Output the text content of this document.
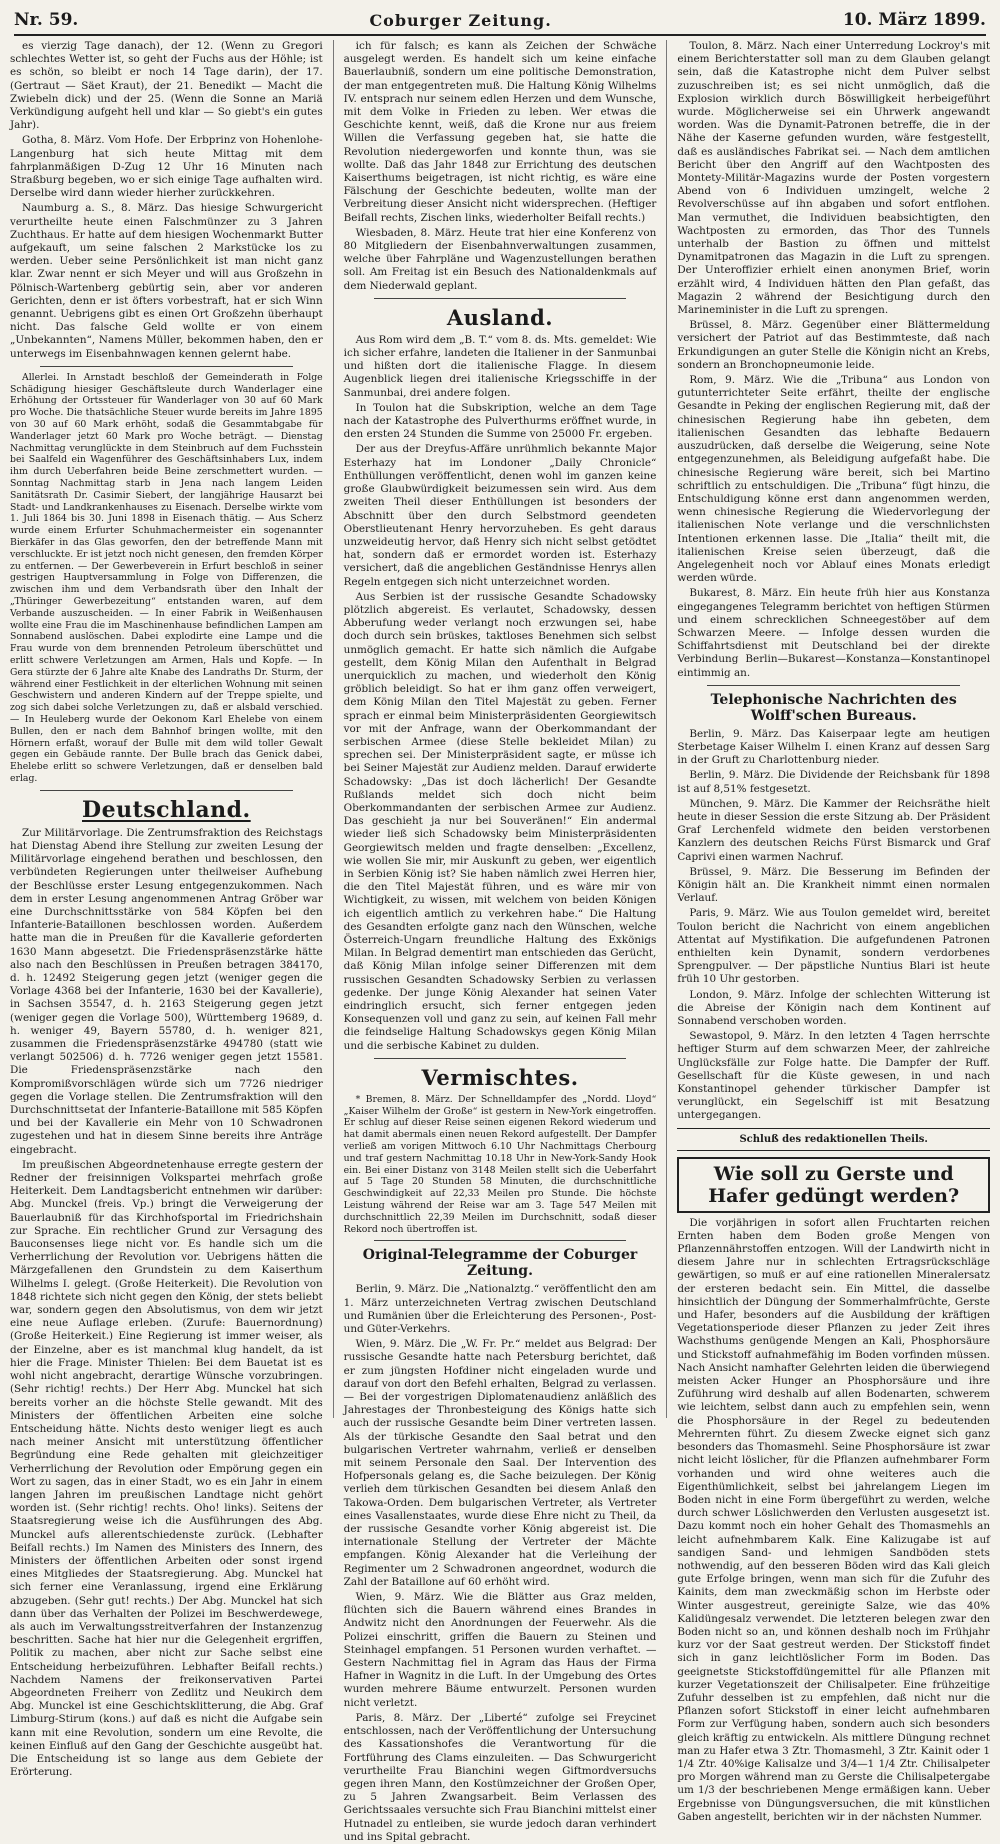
Nr. 59.	Coburger Zeitung.	10. März 1899.

es vierzig Tage danach), der 12. (Wenn zu Gregori schlechtes Wetter ist, so geht der Fuchs aus der Höhle; ist es schön, so bleibt er noch 14 Tage darin), der 17. (Gertraut — Säet Kraut), der 21. Benedikt — Macht die Zwiebeln dick) und der 25. (Wenn die Sonne an Mariä Verkündigung aufgeht hell und klar — So giebt's ein gutes Jahr).

Gotha, 8. März. Vom Hofe. Der Erbprinz von Hohenlohe-Langenburg hat sich heute Mittag mit dem fahrplanmäßigen D-Zug 12 Uhr 16 Minuten nach Straßburg begeben, wo er sich einige Tage aufhalten wird. Derselbe wird dann wieder hierher zurückkehren.

Naumburg a. S., 8. März. Das hiesige Schwurgericht verurtheilte heute einen Falschmünzer zu 3 Jahren Zuchthaus. Er hatte auf dem hiesigen Wochenmarkt Butter aufgekauft, um seine falschen 2 Markstücke los zu werden. Ueber seine Persönlichkeit ist man nicht ganz klar. Zwar nennt er sich Meyer und will aus Großzehn in Pölnisch-Wartenberg gebürtig sein, aber vor anderen Gerichten, denn er ist öfters vorbestraft, hat er sich Winn genannt. Uebrigens gibt es einen Ort Großzehn überhaupt nicht. Das falsche Geld wollte er von einem „Unbekannten“, Namens Müller, bekommen haben, den er unterwegs im Eisenbahnwagen kennen gelernt habe.

Allerlei. In Arnstadt beschloß der Gemeinderath in Folge Schädigung hiesiger Geschäftsleute durch Wanderlager eine Erhöhung der Ortssteuer für Wanderlager von 30 auf 60 Mark pro Woche. Die thatsächliche Steuer wurde bereits im Jahre 1895 von 30 auf 60 Mark erhöht, sodaß die Gesammtabgabe für Wanderlager jetzt 60 Mark pro Woche beträgt. — Dienstag Nachmittag verunglückte in dem Steinbruch auf dem Fuchsstein bei Saalfeld ein Wagenführer des Geschäftsinhabers Lux, indem ihm durch Ueberfahren beide Beine zerschmettert wurden. — Sonntag Nachmittag starb in Jena nach langem Leiden Sanitätsrath Dr. Casimir Siebert, der langjährige Hausarzt bei Stadt- und Landkrankenhauses zu Eisenach. Derselbe wirkte vom 1. Juli 1864 bis 30. Juni 1898 in Eisenach thätig. — Aus Scherz wurde einem Erfurter Schuhmachermeister ein sogenannter Bierkäfer in das Glas geworfen, den der betreffende Mann mit verschluckte. Er ist jetzt noch nicht genesen, den fremden Körper zu entfernen. — Der Gewerbeverein in Erfurt beschloß in seiner gestrigen Hauptversammlung in Folge von Differenzen, die zwischen ihm und dem Verbandsrath über den Inhalt der „Thüringer Gewerbezeitung“ entstanden waren, auf dem Verbande auszuscheiden. — In einer Fabrik in Weißenhausen wollte eine Frau die im Maschinenhause befindlichen Lampen am Sonnabend auslöschen. Dabei explodirte eine Lampe und die Frau wurde von dem brennenden Petroleum überschüttet und erlitt schwere Verletzungen am Armen, Hals und Kopfe. — In Gera stürzte der 6 Jahre alte Knabe des Landraths Dr. Sturm, der während einer Festlichkeit in der elterlichen Wohnung mit seinen Geschwistern und anderen Kindern auf der Treppe spielte, und zog sich dabei solche Verletzungen zu, daß er alsbald verschied. — In Heuleberg wurde der Oekonom Karl Ehelebe von einem Bullen, den er nach dem Bahnhof bringen wollte, mit den Hörnern erfaßt, worauf der Bulle mit dem wild toller Gewalt gegen ein Gebäude rannte. Der Bulle brach das Genick dabei, Ehelebe erlitt so schwere Verletzungen, daß er denselben bald erlag.

Deutschland.

Zur Militärvorlage. Die Zentrumsfraktion des Reichstags hat Dienstag Abend ihre Stellung zur zweiten Lesung der Militärvorlage eingehend berathen und beschlossen, den verbündeten Regierungen unter theilweiser Aufhebung der Beschlüsse erster Lesung entgegenzukommen. Nach dem in erster Lesung angenommenen Antrag Gröber war eine Durchschnittsstärke von 584 Köpfen bei den Infanterie-Bataillonen beschlossen worden. Außerdem hatte man die in Preußen für die Kavallerie geforderten 1630 Mann abgesetzt. Die Friedenspräsenzstärke hätte also nach den Beschlüssen in Preußen betragen 384170, d. h. 12492 Steigerung gegen jetzt (weniger gegen die Vorlage 4368 bei der Infanterie, 1630 bei der Kavallerie), in Sachsen 35547, d. h. 2163 Steigerung gegen jetzt (weniger gegen die Vorlage 500), Württemberg 19689, d. h. weniger 49, Bayern 55780, d. h. weniger 821, zusammen die Friedenspräsenzstärke 494780 (statt wie verlangt 502506) d. h. 7726 weniger gegen jetzt 15581. Die Friedenspräsenzstärke nach den Kompromißvorschlägen würde sich um 7726 niedriger gegen die Vorlage stellen. Die Zentrumsfraktion will den Durchschnittsetat der Infanterie-Bataillone mit 585 Köpfen und bei der Kavallerie ein Mehr von 10 Schwadronen zugestehen und hat in diesem Sinne bereits ihre Anträge eingebracht.

Im preußischen Abgeordnetenhause erregte gestern der Redner der freisinnigen Volkspartei mehrfach große Heiterkeit. Dem Landtagsbericht entnehmen wir darüber: Abg. Munckel (freis. Vp.) bringt die Verweigerung der Bauerlaubniß für das Kirchhofsportal im Friedrichshain zur Sprache. Ein rechtlicher Grund zur Versagung des Bauconsenses liege nicht vor. Es handle sich um die Verherrlichung der Revolution vor. Uebrigens hätten die Märzgefallenen den Grundstein zu dem Kaiserthum Wilhelms I. gelegt. (Große Heiterkeit). Die Revolution von 1848 richtete sich nicht gegen den König, der stets beliebt war, sondern gegen den Absolutismus, von dem wir jetzt eine neue Auflage erleben. (Zurufe: Bauernordnung) (Große Heiterkeit.) Eine Regierung ist immer weiser, als der Einzelne, aber es ist manchmal klug handelt, da ist hier die Frage. Minister Thielen: Bei dem Bauetat ist es wohl nicht angebracht, derartige Wünsche vorzubringen. (Sehr richtig! rechts.) Der Herr Abg. Munckel hat sich bereits vorher an die höchste Stelle gewandt. Mit des Ministers der öffentlichen Arbeiten eine solche Entscheidung hätte. Nichts desto weniger liegt es auch nach meiner Ansicht mit unterstützung öffentlicher Begründung eine Rede gehalten mit gleichzeitiger Verherrlichung der Revolution oder Empörung gegen ein Wort zu sagen, das in einer Stadt, wo es ein Jahr in einem langen Jahren im preußischen Landtage nicht gehört worden ist. (Sehr richtig! rechts. Oho! links). Seitens der Staatsregierung weise ich die Ausführungen des Abg. Munckel aufs allerentschiedenste zurück. (Lebhafter Beifall rechts.) Im Namen des Ministers des Innern, des Ministers der öffentlichen Arbeiten oder sonst irgend eines Mitgliedes der Staatsregierung. Abg. Munckel hat sich ferner eine Veranlassung, irgend eine Erklärung abzugeben. (Sehr gut! rechts.) Der Abg. Munckel hat sich dann über das Verhalten der Polizei im Beschwerdewege, als auch im Verwaltungsstreitverfahren der Instanzenzug beschritten. Sache hat hier nur die Gelegenheit ergriffen, Politik zu machen, aber nicht zur Sache selbst eine Entscheidung herbeizuführen. Lebhafter Beifall rechts.) Nachdem Namens der freikonservativen Partei Abgeordneten Freiherr von Zedlitz und Neukirch dem Abg. Munckel ist eine Geschichtsklitterung, die Abg. Graf Limburg-Stirum (kons.) auf daß es nicht die Aufgabe sein kann mit eine Revolution, sondern um eine Revolte, die keinen Einfluß auf den Gang der Geschichte ausgeübt hat. Die Entscheidung ist so lange aus dem Gebiete der Erörterung.

ich für falsch; es kann als Zeichen der Schwäche ausgelegt werden. Es handelt sich um keine einfache Bauerlaubniß, sondern um eine politische Demonstration, der man entgegentreten muß. Die Haltung König Wilhelms IV. entsprach nur seinem edlen Herzen und dem Wunsche, mit dem Volke in Frieden zu leben. Wer etwas die Geschichte kennt, weiß, daß die Krone nur aus freiem Willen die Verfassung gegeben hat, sie hatte die Revolution niedergeworfen und konnte thun, was sie wollte. Daß das Jahr 1848 zur Errichtung des deutschen Kaiserthums beigetragen, ist nicht richtig, es wäre eine Fälschung der Geschichte bedeuten, wollte man der Verbreitung dieser Ansicht nicht widersprechen. (Heftiger Beifall rechts, Zischen links, wiederholter Beifall rechts.)

Wiesbaden, 8. März. Heute trat hier eine Konferenz von 80 Mitgliedern der Eisenbahnverwaltungen zusammen, welche über Fahrpläne und Wagenzustellungen berathen soll. Am Freitag ist ein Besuch des Nationaldenkmals auf dem Niederwald geplant.

Ausland.

Aus Rom wird dem „B. T.“ vom 8. ds. Mts. gemeldet: Wie ich sicher erfahre, landeten die Italiener in der Sanmunbai und hißten dort die italienische Flagge. In diesem Augenblick liegen drei italienische Kriegsschiffe in der Sanmunbai, drei andere folgen.

In Toulon hat die Subskription, welche an dem Tage nach der Katastrophe des Pulverthurms eröffnet wurde, in den ersten 24 Stunden die Summe von 25000 Fr. ergeben.

Der aus der Dreyfus-Affäre unrühmlich bekannte Major Esterhazy hat im Londoner „Daily Chronicle“ Enthüllungen veröffentlicht, denen wohl im ganzen keine große Glaubwürdigkeit beizumessen sein wird. Aus dem zweiten Theil dieser Enthüllungen ist besonders der Abschnitt über den durch Selbstmord geendeten Oberstlieutenant Henry hervorzuheben. Es geht daraus unzweideutig hervor, daß Henry sich nicht selbst getödtet hat, sondern daß er ermordet worden ist. Esterhazy versichert, daß die angeblichen Geständnisse Henrys allen Regeln entgegen sich nicht unterzeichnet worden.

Aus Serbien ist der russische Gesandte Schadowsky plötzlich abgereist. Es verlautet, Schadowsky, dessen Abberufung weder verlangt noch erzwungen sei, habe doch durch sein brüskes, taktloses Benehmen sich selbst unmöglich gemacht. Er hatte sich nämlich die Aufgabe gestellt, dem König Milan den Aufenthalt in Belgrad unerquicklich zu machen, und wiederholt den König gröblich beleidigt. So hat er ihm ganz offen verweigert, dem König Milan den Titel Majestät zu geben. Ferner sprach er einmal beim Ministerpräsidenten Georgiewitsch vor mit der Anfrage, wann der Oberkommandant der serbischen Armee (diese Stelle bekleidet Milan) zu sprechen sei. Der Ministerpräsident sagte, er müsse ich bei Seiner Majestät zur Audienz melden. Darauf erwiderte Schadowsky: „Das ist doch lächerlich! Der Gesandte Rußlands meldet sich doch nicht beim Oberkommandanten der serbischen Armee zur Audienz. Das geschieht ja nur bei Souveränen!“ Ein andermal wieder ließ sich Schadowsky beim Ministerpräsidenten Georgiewitsch melden und fragte denselben: „Excellenz, wie wollen Sie mir, mir Auskunft zu geben, wer eigentlich in Serbien König ist? Sie haben nämlich zwei Herren hier, die den Titel Majestät führen, und es wäre mir von Wichtigkeit, zu wissen, mit welchem von beiden Königen ich eigentlich amtlich zu verkehren habe.“ Die Haltung des Gesandten erfolgte ganz nach den Wünschen, welche Österreich-Ungarn freundliche Haltung des Exkönigs Milan. In Belgrad dementirt man entschieden das Gerücht, daß König Milan infolge seiner Differenzen mit dem russischen Gesandten Schadowsky Serbien zu verlassen gedenke. Der junge König Alexander hat seinen Vater eindringlich ersucht, sich ferner entgegen jeden Konsequenzen voll und ganz zu sein, auf keinen Fall mehr die feindselige Haltung Schadowskys gegen König Milan und die serbische Kabinet zu dulden.

Vermischtes.

* Bremen, 8. März. Der Schnelldampfer des „Nordd. Lloyd“ „Kaiser Wilhelm der Große“ ist gestern in New-York eingetroffen. Er schlug auf dieser Reise seinen eigenen Rekord wiederum und hat damit abermals einen neuen Rekord aufgestellt. Der Dampfer verließ am vorigen Mittwoch 6.10 Uhr Nachmittags Cherbourg und traf gestern Nachmittag 10.18 Uhr in New-York-Sandy Hook ein. Bei einer Distanz von 3148 Meilen stellt sich die Ueberfahrt auf 5 Tage 20 Stunden 58 Minuten, die durchschnittliche Geschwindigkeit auf 22,33 Meilen pro Stunde. Die höchste Leistung während der Reise war am 3. Tage 547 Meilen mit durchschnittlich 22,39 Meilen im Durchschnitt, sodaß dieser Rekord noch übertroffen ist.

Original-Telegramme der Coburger Zeitung.

Berlin, 9. März. Die „Nationalztg.“ veröffentlicht den am 1. März unterzeichneten Vertrag zwischen Deutschland und Rumänien über die Erleichterung des Personen-, Post- und Güter-Verkehrs.

Wien, 9. März. Die „W. Fr. Pr.“ meldet aus Belgrad: Der russische Gesandte hatte nach Petersburg berichtet, daß er zum jüngsten Hofdiner nicht eingeladen wurde und darauf von dort den Befehl erhalten, Belgrad zu verlassen. — Bei der vorgestrigen Diplomatenaudienz anläßlich des Jahrestages der Thronbesteigung des Königs hatte sich auch der russische Gesandte beim Diner vertreten lassen. Als der türkische Gesandte den Saal betrat und den bulgarischen Vertreter wahrnahm, verließ er denselben mit seinem Personale den Saal. Der Intervention des Hofpersonals gelang es, die Sache beizulegen. Der König verlieh dem türkischen Gesandten bei diesem Anlaß den Takowa-Orden. Dem bulgarischen Vertreter, als Vertreter eines Vasallenstaates, wurde diese Ehre nicht zu Theil, da der russische Gesandte vorher König abgereist ist. Die internationale Stellung der Vertreter der Mächte empfangen. König Alexander hat die Verleihung der Regimenter um 2 Schwadronen angeordnet, wodurch die Zahl der Bataillone auf 60 erhöht wird.

Wien, 9. März. Wie die Blätter aus Graz melden, flüchten sich die Bauern während eines Brandes in Andwitz nicht den Anordnungen der Feuerwehr. Als die Polizei einschritt, griffen die Bauern zu Steinen und Steinhagel empfangen. 51 Personen wurden verhaftet. — Gestern Nachmittag fiel in Agram das Haus der Firma Hafner in Wagnitz in die Luft. In der Umgebung des Ortes wurden mehrere Bäume entwurzelt. Personen wurden nicht verletzt.

Paris, 8. März. Der „Liberté“ zufolge sei Freycinet entschlossen, nach der Veröffentlichung der Untersuchung des Kassationshofes die Verantwortung für die Fortführung des Clams einzuleiten. — Das Schwurgericht verurtheilte Frau Bianchini wegen Giftmordversuchs gegen ihren Mann, den Kostümzeichner der Großen Oper, zu 5 Jahren Zwangsarbeit. Beim Verlassen des Gerichtssaales versuchte sich Frau Bianchini mittelst einer Hutnadel zu entleiben, sie wurde jedoch daran verhindert und ins Spital gebracht.

Toulon, 8. März. Nach einer Unterredung Lockroy's mit einem Berichterstatter soll man zu dem Glauben gelangt sein, daß die Katastrophe nicht dem Pulver selbst zuzuschreiben ist; es sei nicht unmöglich, daß die Explosion wirklich durch Böswilligkeit herbeigeführt wurde. Möglicherweise sei ein Uhrwerk angewandt worden. Was die Dynamit-Patronen betreffe, die in der Nähe der Kaserne gefunden wurden, wäre festgestellt, daß es ausländisches Fabrikat sei. — Nach dem amtlichen Bericht über den Angriff auf den Wachtposten des Montety-Militär-Magazins wurde der Posten vorgestern Abend von 6 Individuen umzingelt, welche 2 Revolverschüsse auf ihn abgaben und sofort entflohen. Man vermuthet, die Individuen beabsichtigten, den Wachtposten zu ermorden, das Thor des Tunnels unterhalb der Bastion zu öffnen und mittelst Dynamitpatronen das Magazin in die Luft zu sprengen. Der Unteroffizier erhielt einen anonymen Brief, worin erzählt wird, 4 Individuen hätten den Plan gefaßt, das Magazin 2 während der Besichtigung durch den Marineminister in die Luft zu sprengen.

Brüssel, 8. März. Gegenüber einer Blättermeldung versichert der Patriot auf das Bestimmteste, daß nach Erkundigungen an guter Stelle die Königin nicht an Krebs, sondern an Bronchopneumonie leide.

Rom, 9. März. Wie die „Tribuna“ aus London von gutunterrichteter Seite erfährt, theilte der englische Gesandte in Peking der englischen Regierung mit, daß der chinesischen Regierung habe ihn gebeten, dem italienischen Gesandten das lebhafte Bedauern auszudrücken, daß derselbe die Weigerung, seine Note entgegenzunehmen, als Beleidigung aufgefaßt habe. Die chinesische Regierung wäre bereit, sich bei Martino schriftlich zu entschuldigen. Die „Tribuna“ fügt hinzu, die Entschuldigung könne erst dann angenommen werden, wenn chinesische Regierung die Wiedervorlegung der italienischen Note verlange und die verschnlichsten Intentionen erkennen lasse. Die „Italia“ theilt mit, die italienischen Kreise seien überzeugt, daß die Angelegenheit noch vor Ablauf eines Monats erledigt werden würde.

Bukarest, 8. März. Ein heute früh hier aus Konstanza eingegangenes Telegramm berichtet von heftigen Stürmen und einem schrecklichen Schneegestöber auf dem Schwarzen Meere. — Infolge dessen wurden die Schiffahrtsdienst mit Deutschland bei der direkte Verbindung Berlin—Bukarest—Konstanza—Konstantinopel eintimmig an.

Telephonische Nachrichten des Wolff'schen Bureaus.

Berlin, 9. März. Das Kaiserpaar legte am heutigen Sterbetage Kaiser Wilhelm I. einen Kranz auf dessen Sarg in der Gruft zu Charlottenburg nieder.

Berlin, 9. März. Die Dividende der Reichsbank für 1898 ist auf 8,51% festgesetzt.

München, 9. März. Die Kammer der Reichsräthe hielt heute in dieser Session die erste Sitzung ab. Der Präsident Graf Lerchenfeld widmete den beiden verstorbenen Kanzlern des deutschen Reichs Fürst Bismarck und Graf Caprivi einen warmen Nachruf.

Brüssel, 9. März. Die Besserung im Befinden der Königin hält an. Die Krankheit nimmt einen normalen Verlauf.

Paris, 9. März. Wie aus Toulon gemeldet wird, bereitet Toulon bericht die Nachricht von einem angeblichen Attentat auf Mystifikation. Die aufgefundenen Patronen enthielten kein Dynamit, sondern verdorbenes Sprengpulver. — Der päpstliche Nuntius Blari ist heute früh 10 Uhr gestorben.

London, 9. März. Infolge der schlechten Witterung ist die Abreise der Königin nach dem Kontinent auf Sonnabend verschoben worden.

Sewastopol, 9. März. In den letzten 4 Tagen herrschte heftiger Sturm auf dem schwarzen Meer, der zahlreiche Unglücksfälle zur Folge hatte. Die Dampfer der Ruff. Gesellschaft für die Küste gewesen, in und nach Konstantinopel gehender türkischer Dampfer ist verunglückt, ein Segelschiff ist mit Besatzung untergegangen.

Schluß des redaktionellen Theils.
Wie soll zu Gerste und Hafer gedüngt werden?

Die vorjährigen in sofort allen Fruchtarten reichen Ernten haben dem Boden große Mengen von Pflanzennährstoffen entzogen. Will der Landwirth nicht in diesem Jahre nur in schlechten Ertragsrückschläge gewärtigen, so muß er auf eine rationellen Mineralersatz der ersteren bedacht sein. Ein Mittel, die dasselbe hinsichtlich der Düngung der Sommerhalmfrüchte, Gerste und Hafer, besonders auf die Ausbildung der kräftigen Vegetationsperiode dieser Pflanzen zu jeder Zeit ihres Wachsthums genügende Mengen an Kali, Phosphorsäure und Stickstoff aufnahmefähig im Boden vorfinden müssen. Nach Ansicht namhafter Gelehrten leiden die überwiegend meisten Acker Hunger an Phosphorsäure und ihre Zuführung wird deshalb auf allen Bodenarten, schwerem wie leichtem, selbst dann auch zu empfehlen sein, wenn die Phosphorsäure in der Regel zu bedeutenden Mehrernten führt. Zu diesem Zwecke eignet sich ganz besonders das Thomasmehl. Seine Phosphorsäure ist zwar nicht leicht löslicher, für die Pflanzen aufnehmbarer Form vorhanden und wird ohne weiteres auch die Eigenthümlichkeit, selbst bei jahrelangem Liegen im Boden nicht in eine Form übergeführt zu werden, welche durch schwer Löslichwerden den Verlusten ausgesetzt ist. Dazu kommt noch ein hoher Gehalt des Thomasmehls an leicht aufnehmbarem Kalk. Eine Kalizugabe ist auf sandigen Sand- und lehmigen Sandböden stets nothwendig, auf den besseren Böden wird das Kali gleich gute Erfolge bringen, wenn man sich für die Zufuhr des Kainits, dem man zweckmäßig schon im Herbste oder Winter ausgestreut, gereinigte Salze, wie das 40% Kalidüngesalz verwendet. Die letzteren belegen zwar den Boden nicht so an, und können deshalb noch im Frühjahr kurz vor der Saat gestreut werden. Der Stickstoff findet sich in ganz leichtlöslicher Form im Boden. Das geeignetste Stickstoffdüngemittel für alle Pflanzen mit kurzer Vegetationszeit der Chilisalpeter. Eine frühzeitige Zufuhr desselben ist zu empfehlen, daß nicht nur die Pflanzen sofort Stickstoff in einer leicht aufnehmbaren Form zur Verfügung haben, sondern auch sich besonders gleich kräftig zu entwickeln. Als mittlere Düngung rechnet man zu Hafer etwa 3 Ztr. Thomasmehl, 3 Ztr. Kainit oder 1 1/4 Ztr. 40%ige Kalisalze und 3/4—1 1/4 Ztr. Chilisalpeter pro Morgen während man zu Gerste die Chilisalpetergabe um 1/3 der beschriebenen Menge ermäßigen kann. Ueber Ergebnisse von Düngungsversuchen, die mit künstlichen Gaben angestellt, berichten wir in der nächsten Nummer.
